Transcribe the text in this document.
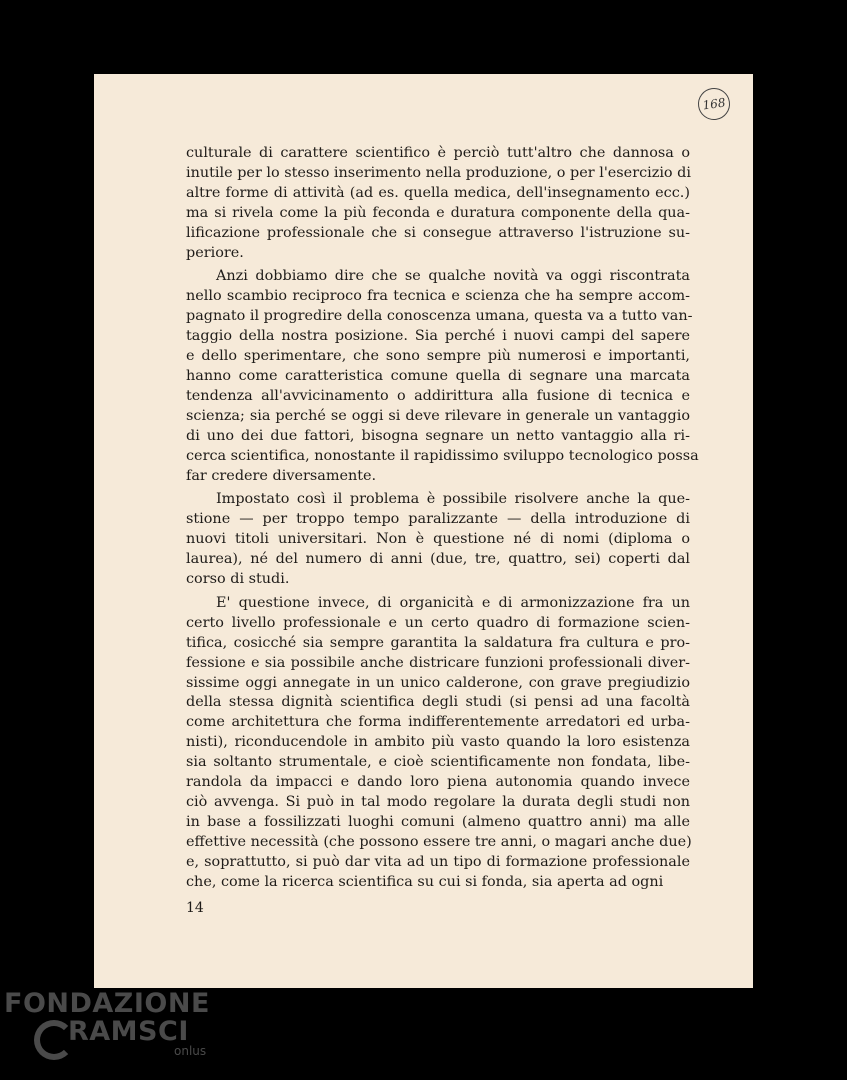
168
culturale di carattere scientifico è perciò tutt'altro che dannosa o
inutile per lo stesso inserimento nella produzione, o per l'esercizio di
altre forme di attività (ad es. quella medica, dell'insegnamento ecc.)
ma si rivela come la più feconda e duratura componente della qua-
lificazione professionale che si consegue attraverso l'istruzione su-
periore.
Anzi dobbiamo dire che se qualche novità va oggi riscontrata
nello scambio reciproco fra tecnica e scienza che ha sempre accom-
pagnato il progredire della conoscenza umana, questa va a tutto van-
taggio della nostra posizione. Sia perché i nuovi campi del sapere
e dello sperimentare, che sono sempre più numerosi e importanti,
hanno come caratteristica comune quella di segnare una marcata
tendenza all'avvicinamento o addirittura alla fusione di tecnica e
scienza; sia perché se oggi si deve rilevare in generale un vantaggio
di uno dei due fattori, bisogna segnare un netto vantaggio alla ri-
cerca scientifica, nonostante il rapidissimo sviluppo tecnologico possa
far credere diversamente.
Impostato così il problema è possibile risolvere anche la que-
stione — per troppo tempo paralizzante — della introduzione di
nuovi titoli universitari. Non è questione né di nomi (diploma o
laurea), né del numero di anni (due, tre, quattro, sei) coperti dal
corso di studi.
E' questione invece, di organicità e di armonizzazione fra un
certo livello professionale e un certo quadro di formazione scien-
tifica, cosicché sia sempre garantita la saldatura fra cultura e pro-
fessione e sia possibile anche districare funzioni professionali diver-
sissime oggi annegate in un unico calderone, con grave pregiudizio
della stessa dignità scientifica degli studi (si pensi ad una facoltà
come architettura che forma indifferentemente arredatori ed urba-
nisti), riconducendole in ambito più vasto quando la loro esistenza
sia soltanto strumentale, e cioè scientificamente non fondata, libe-
randola da impacci e dando loro piena autonomia quando invece
ciò avvenga. Si può in tal modo regolare la durata degli studi non
in base a fossilizzati luoghi comuni (almeno quattro anni) ma alle
effettive necessità (che possono essere tre anni, o magari anche due)
e, soprattutto, si può dar vita ad un tipo di formazione professionale
che, come la ricerca scientifica su cui si fonda, sia aperta ad ogni
14
FONDAZIONE
RAMSCI
onlus
